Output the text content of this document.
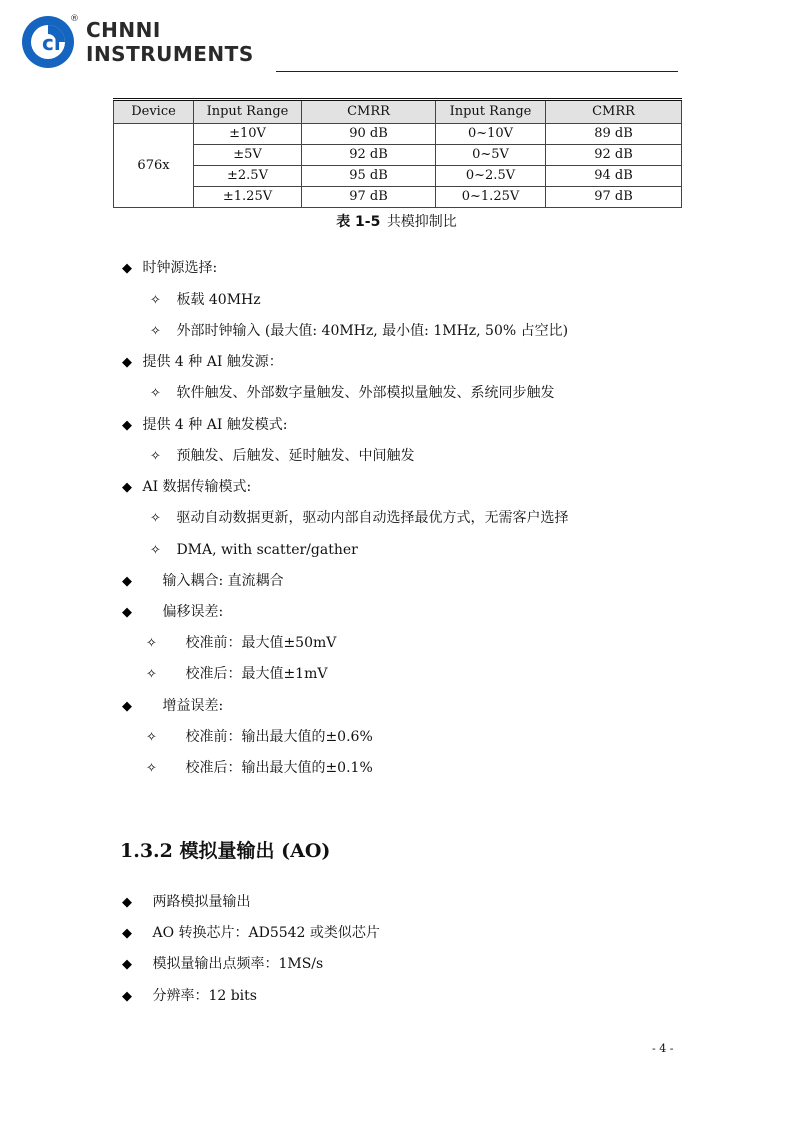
ci
® CHNNI
INSTRUMENTS
Device	Input Range	CMRR	Input Range	CMRR
676x	±10V	90 dB	0~10V	89 dB
	±5V	92 dB	0~5V	92 dB
	±2.5V	95 dB	0~2.5V	94 dB
	±1.25V	97 dB	0~1.25V	97 dB
表 1-5 共模抑制比
◆ 时钟源选择:
✧ 板载 40MHz
✧ 外部时钟输入 (最大值: 40MHz, 最小值: 1MHz, 50% 占空比)
◆ 提供 4 种 AI 触发源：
✧ 软件触发、外部数字量触发、外部模拟量触发、系统同步触发
◆ 提供 4 种 AI 触发模式:
✧ 预触发、后触发、延时触发、中间触发
◆ AI 数据传输模式:
✧ 驱动自动数据更新，驱动内部自动选择最优方式，无需客户选择
✧ DMA, with scatter/gather
◆ 输入耦合: 直流耦合
◆ 偏移误差:
✧ 校准前：最大值±50mV
✧ 校准后：最大值±1mV
◆ 增益误差:
✧ 校准前：输出最大值的±0.6%
✧ 校准后：输出最大值的±0.1%
1.3.2 模拟量输出 (AO)
◆ 两路模拟量输出
◆ AO 转换芯片：AD5542 或类似芯片
◆ 模拟量输出点频率：1MS/s
◆ 分辨率：12 bits
- 4 -
